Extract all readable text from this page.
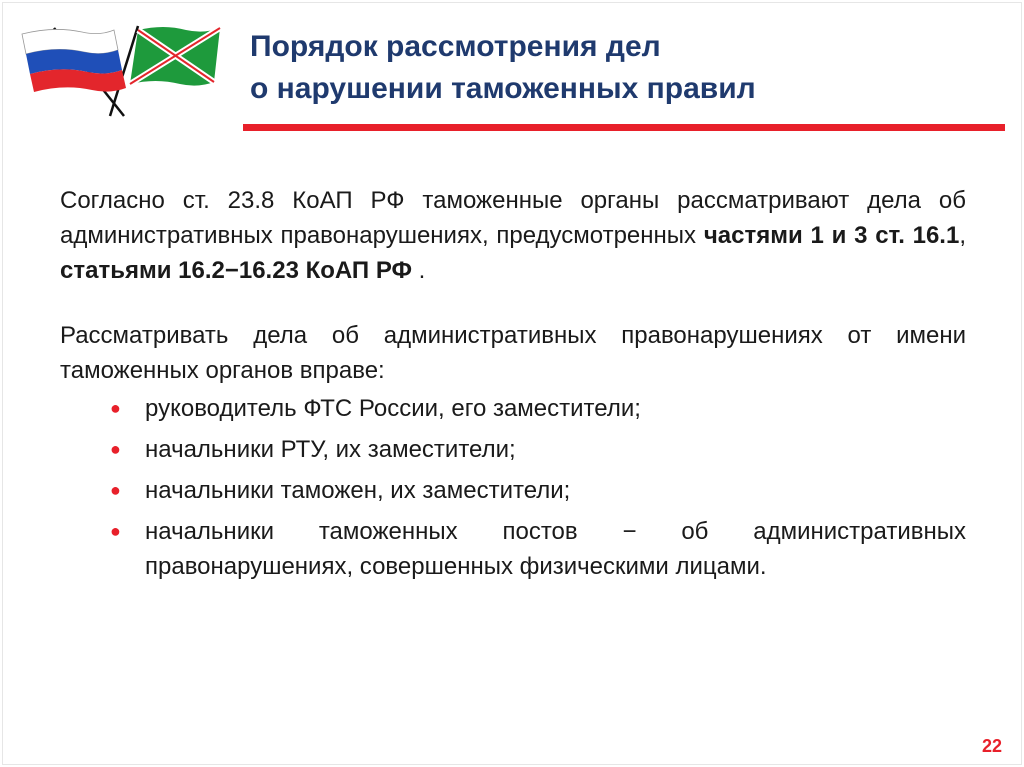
Порядок рассмотрения дел
о нарушении таможенных правил

Согласно ст. 23.8 КоАП РФ таможенные органы рассматривают дела об административных правонарушениях, предусмотренных частями 1 и 3 ст. 16.1, статьями 16.2−16.23 КоАП РФ .

Рассматривать дела об административных правонарушениях от имени таможенных органов вправе:

● руководитель ФТС России, его заместители;
● начальники РТУ, их заместители;
● начальники таможен, их заместители;
● начальники таможенных постов − об административных правонарушениях, совершенных физическими лицами.
22
